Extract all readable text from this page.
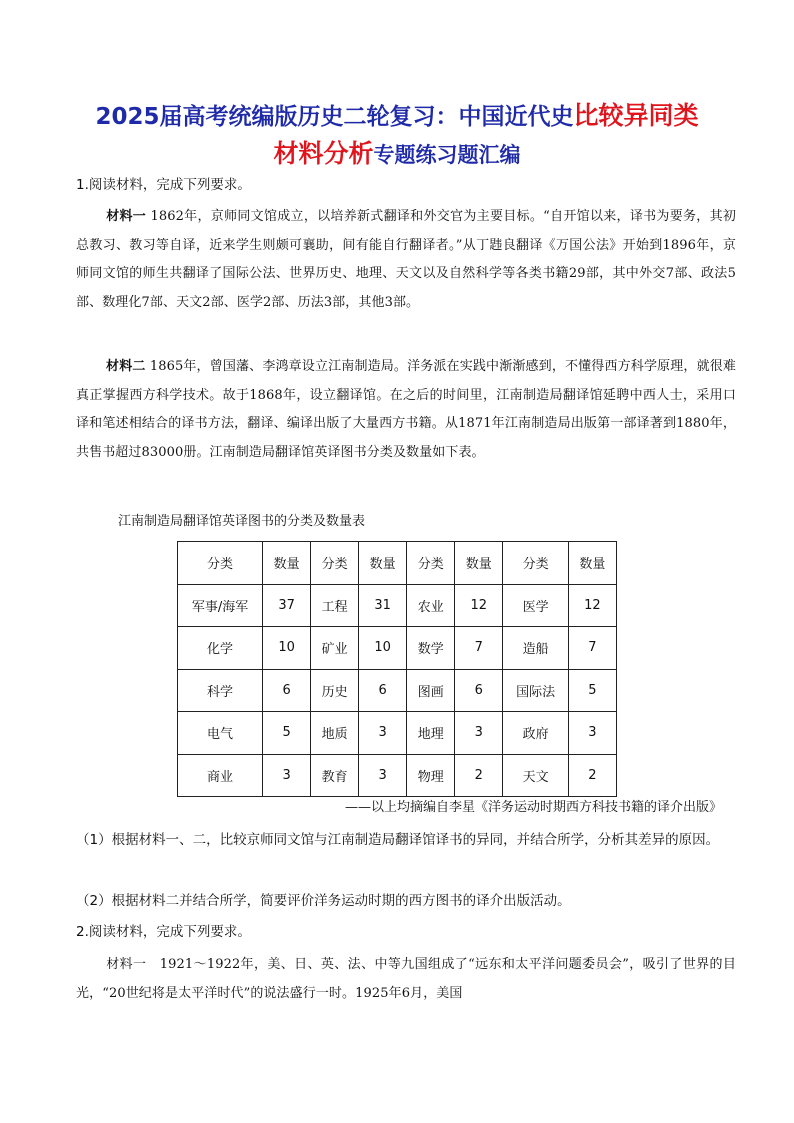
2025届高考统编版历史二轮复习：中国近代史比较异同类
材料分析专题练习题汇编
1.阅读材料，完成下列要求。
材料一 1862年，京师同文馆成立，以培养新式翻译和外交官为主要目标。“自开馆以来，译书为要务，其初总教习、教习等自译，近来学生则颇可襄助，间有能自行翻译者。”从丁韪良翻译《万国公法》开始到1896年，京师同文馆的师生共翻译了国际公法、世界历史、地理、天文以及自然科学等各类书籍29部，其中外交7部、政法5部、数理化7部、天文2部、医学2部、历法3部，其他3部。
材料二 1865年，曾国藩、李鸿章设立江南制造局。洋务派在实践中渐渐感到，不懂得西方科学原理，就很难真正掌握西方科学技术。故于1868年，设立翻译馆。在之后的时间里，江南制造局翻译馆延聘中西人士，采用口译和笔述相结合的译书方法，翻译、编译出版了大量西方书籍。从1871年江南制造局出版第一部译著到1880年，共售书超过83000册。江南制造局翻译馆英译图书分类及数量如下表。
江南制造局翻译馆英译图书的分类及数量表
分类	数量	分类	数量	分类	数量	分类	数量
军事/海军	37	工程	31	农业	12	医学	12
化学	10	矿业	10	数学	7	造船	7
科学	6	历史	6	图画	6	国际法	5
电气	5	地质	3	地理	3	政府	3
商业	3	教育	3	物理	2	天文	2
——以上均摘编自李星《洋务运动时期西方科技书籍的译介出版》
（1）根据材料一、二，比较京师同文馆与江南制造局翻译馆译书的异同，并结合所学，分析其差异的原因。
（2）根据材料二并结合所学，简要评价洋务运动时期的西方图书的译介出版活动。
2.阅读材料，完成下列要求。
材料一　1921～1922年，美、日、英、法、中等九国组成了“远东和太平洋问题委员会”，吸引了世界的目光，“20世纪将是太平洋时代”的说法盛行一时。1925年6月，美国
